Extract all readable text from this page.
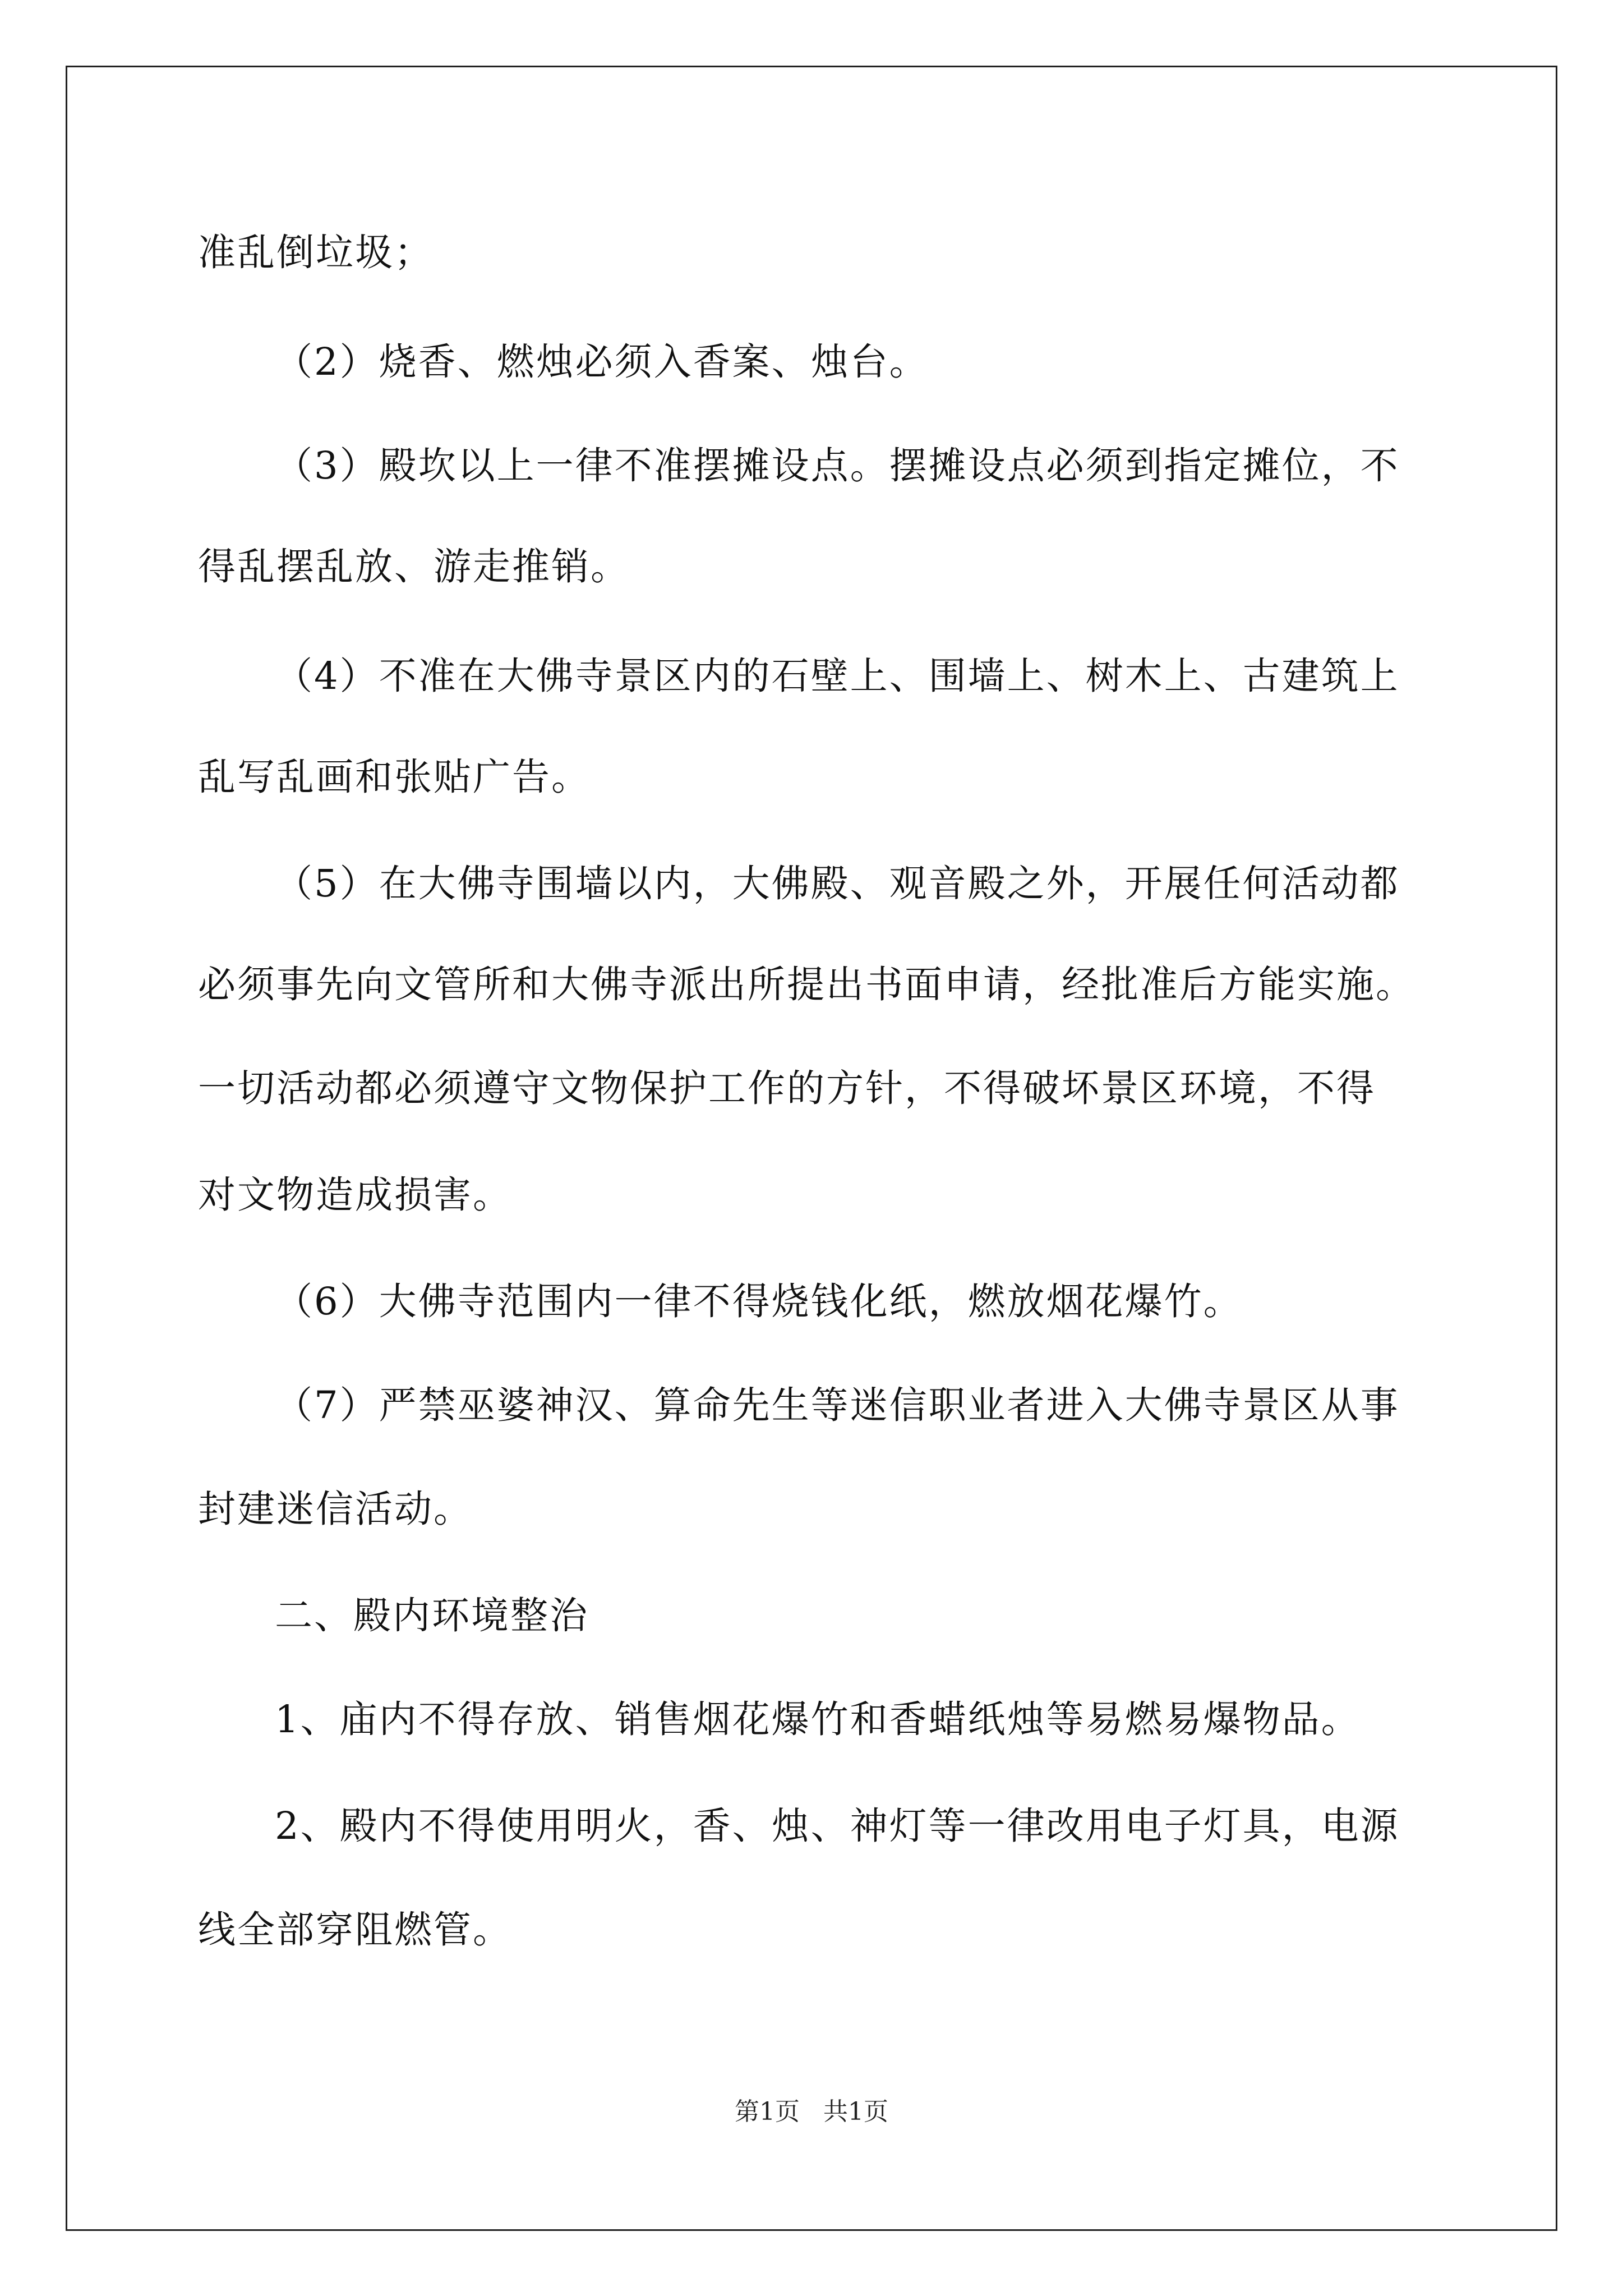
准乱倒垃圾；
（2）烧香、燃烛必须入香案、烛台。
（3）殿坎以上一律不准摆摊设点。摆摊设点必须到指定摊位，不
得乱摆乱放、游走推销。
（4）不准在大佛寺景区内的石壁上、围墙上、树木上、古建筑上
乱写乱画和张贴广告。
（5）在大佛寺围墙以内，大佛殿、观音殿之外，开展任何活动都
必须事先向文管所和大佛寺派出所提出书面申请，经批准后方能实施。
一切活动都必须遵守文物保护工作的方针，不得破坏景区环境，不得
对文物造成损害。
（6）大佛寺范围内一律不得烧钱化纸，燃放烟花爆竹。
（7）严禁巫婆神汉、算命先生等迷信职业者进入大佛寺景区从事
封建迷信活动。
二、殿内环境整治
1、庙内不得存放、销售烟花爆竹和香蜡纸烛等易燃易爆物品。
2、殿内不得使用明火，香、烛、神灯等一律改用电子灯具，电源
线全部穿阻燃管。
第1页   共1页
